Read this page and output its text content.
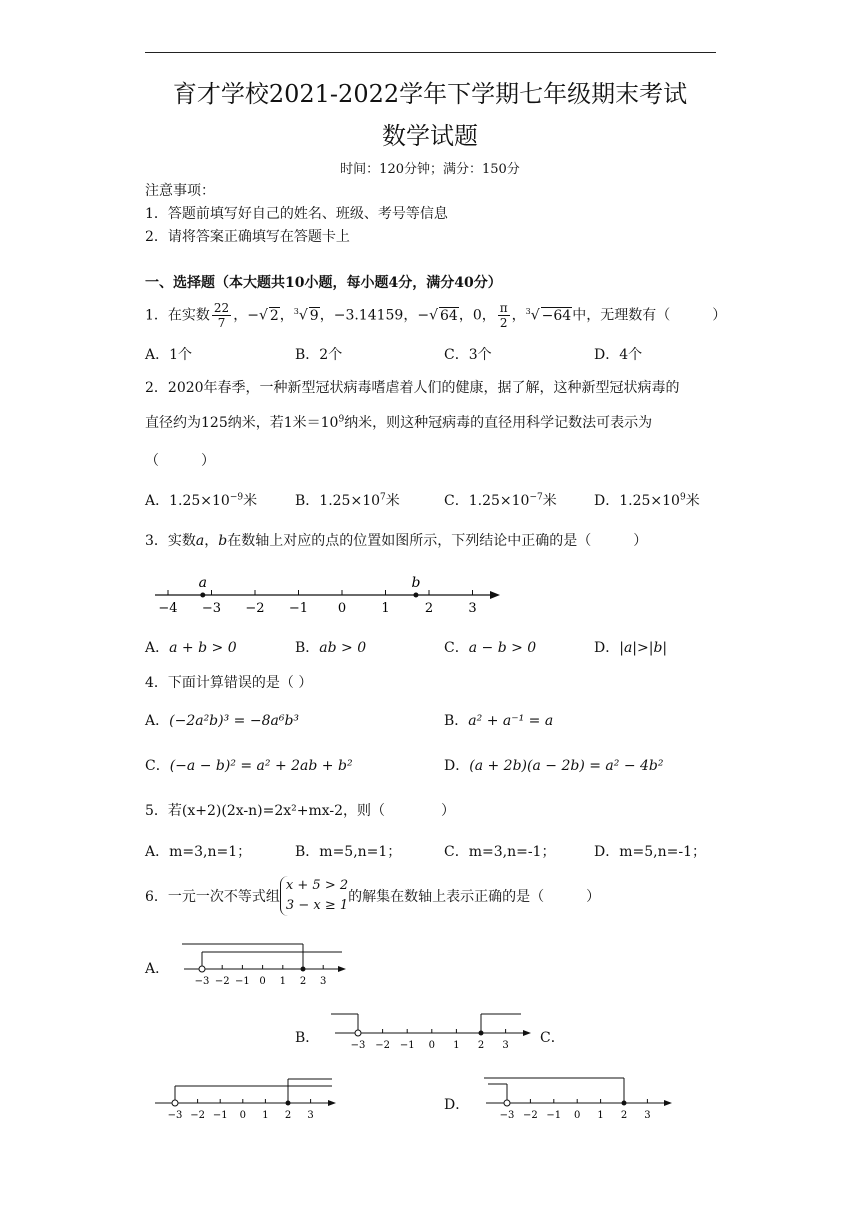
育才学校2021-2022学年下学期七年级期末考试
数学试题
时间：120分钟；满分：150分
注意事项：
1．答题前填写好自己的姓名、班级、考号等信息
2．请将答案正确填写在答题卡上
一、选择题（本大题共10小题，每小题4分，满分40分）
1．在实数 $\frac{22}{7}$ ，−√ 2，$^3$√ 9，−3.14159，−√ 64，0， $\frac{\pi}{2}$ ，$^3$√ −64中，无理数有（　　　）
A．1个	B．2个	C．3个	D．4个
2．2020年春季，一种新型冠状病毒嗜虐着人们的健康，据了解，这种新型冠状病毒的
直径约为125纳米，若1米$=10^9$纳米，则这种冠病毒的直径用科学记数法可表示为
（　　　）
A．$1.25\times 10^{-9}$米	B．$1.25\times 10^7$米	C．$1.25\times 10^{-7}$米	D．$1.25\times 10^9$米
3．实数a，b在数轴上对应的点的位置如图所示，下列结论中正确的是（　　　）
−4 −3 −2 −1 0	1	2	3
a	b
A．a + b > 0	B．ab > 0	C．a − b > 0	D．|a|>|b|
4．下面计算错误的是（ ）
A．(−2a²b)³ = −8a⁶b³	B．a² + a⁻¹ = a
C．(−a − b)² = a² + 2ab + b²	D．(a + 2b)(a − 2b) = a² − 4b²
5．若(x+2)(2x-n)=2x²+mx-2，则（　　　　）
A．m=3,n=1；	B．m=5,n=1；	C．m=3,n=-1；	D．m=5,n=-1；
6．一元一次不等式组
x + 5 > 2
3 − x ≥ 1
的解集在数轴上表示正确的是（　　　）
A．
−3 −2 −1 0 1 2 3
B．	−3 −2 −1 0 1 2 3 C．
−3 −2 −1 0 1 2 3
D．
−3 −2 −1 0 1 2 3
